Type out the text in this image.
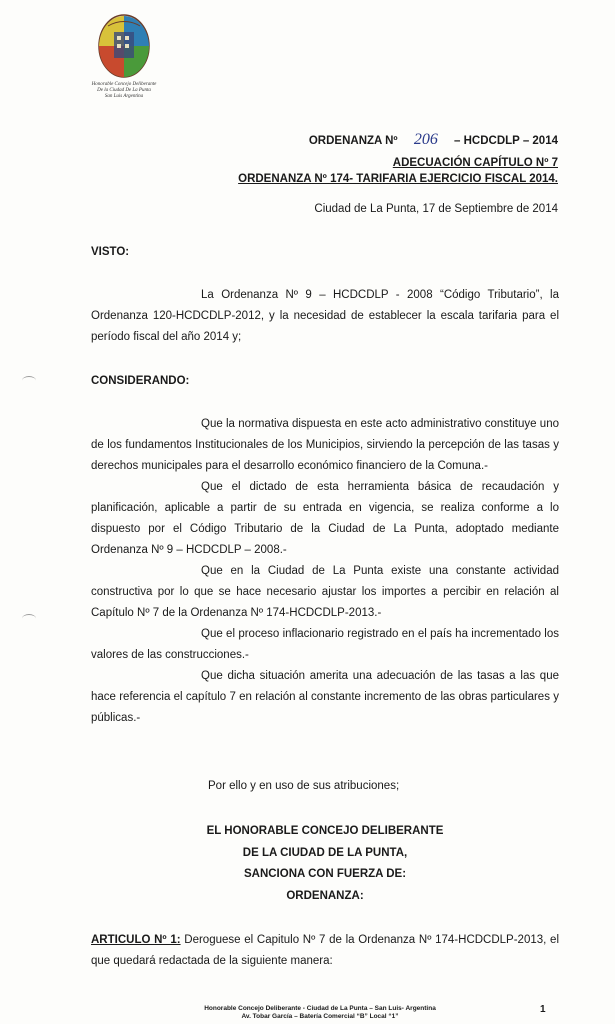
Honorable Concejo Deliberante
De la Ciudad De La Punta
San Luis Argentina
ORDENANZA Nº 206 – HCDCDLP – 2014
ADECUACIÓN CAPÍTULO Nº 7
ORDENANZA Nº 174- TARIFARIA EJERCICIO FISCAL 2014.
Ciudad de La Punta, 17 de Septiembre de 2014
VISTO:

La Ordenanza Nº 9 – HCDCDLP - 2008 “Código Tributario”, la Ordenanza 120-HCDCDLP-2012, y la necesidad de establecer la escala tarifaria para el período fiscal del año 2014 y;

CONSIDERANDO:

Que la normativa dispuesta en este acto administrativo constituye uno de los fundamentos Institucionales de los Municipios, sirviendo la percepción de las tasas y derechos municipales para el desarrollo económico financiero de la Comuna.-

Que el dictado de esta herramienta básica de recaudación y planificación, aplicable a partir de su entrada en vigencia, se realiza conforme a lo dispuesto por el Código Tributario de la Ciudad de La Punta, adoptado mediante Ordenanza Nº 9 – HCDCDLP – 2008.-

Que en la Ciudad de La Punta existe una constante actividad constructiva por lo que se hace necesario ajustar los importes a percibir en relación al Capítulo Nº 7 de la Ordenanza Nº 174-HCDCDLP-2013.-

Que el proceso inflacionario registrado en el país ha incrementado los valores de las construcciones.-

Que dicha situación amerita una adecuación de las tasas a las que hace referencia el capítulo 7 en relación al constante incremento de las obras particulares y públicas.-

Por ello y en uso de sus atribuciones;
EL HONORABLE CONCEJO DELIBERANTE
DE LA CIUDAD DE LA PUNTA,
SANCIONA CON FUERZA DE:
ORDENANZA:
ARTICULO Nº 1: Deroguese el Capitulo Nº 7 de la Ordenanza Nº 174-HCDCDLP-2013, el que quedará redactada de la siguiente manera:
Honorable Concejo Deliberante - Ciudad de La Punta – San Luis- Argentina
Av. Tobar García – Batería Comercial “B” Local “1”
1
